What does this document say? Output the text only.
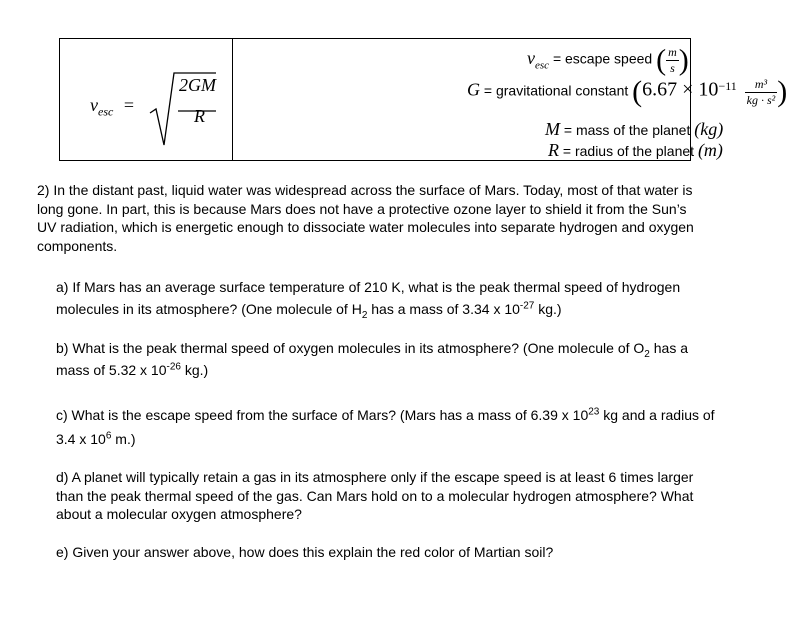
$v_{esc}$ =
2GM
R
$v_{esc}$ = escape speed ( $\frac{m}{s}$ )
G = gravitational constant ($6.67 \times 10^{-11} \frac{\text{m³}}{\text{kg · s²}}$ )
M = mass of the planet (kg)
R = radius of the planet (m)
2) In the distant past, liquid water was widespread across the surface of Mars. Today, most of that water is long gone. In part, this is because Mars does not have a protective ozone layer to shield it from the Sun’s UV radiation, which is energetic enough to dissociate water molecules into separate hydrogen and oxygen components.
a) If Mars has an average surface temperature of 210 K, what is the peak thermal speed of hydrogen molecules in its atmosphere? (One molecule of $H_2$ has a mass of 3.34 x $10^{-27}$ kg.)
b) What is the peak thermal speed of oxygen molecules in its atmosphere? (One molecule of $O_2$ has a mass of 5.32 x $10^{-26}$ kg.)
c) What is the escape speed from the surface of Mars? (Mars has a mass of 6.39 x $10^{23}$ kg and a radius of 3.4 x $10^6$ m.)
d) A planet will typically retain a gas in its atmosphere only if the escape speed is at least 6 times larger than the peak thermal speed of the gas. Can Mars hold on to a molecular hydrogen atmosphere? What about a molecular oxygen atmosphere?
e) Given your answer above, how does this explain the red color of Martian soil?
